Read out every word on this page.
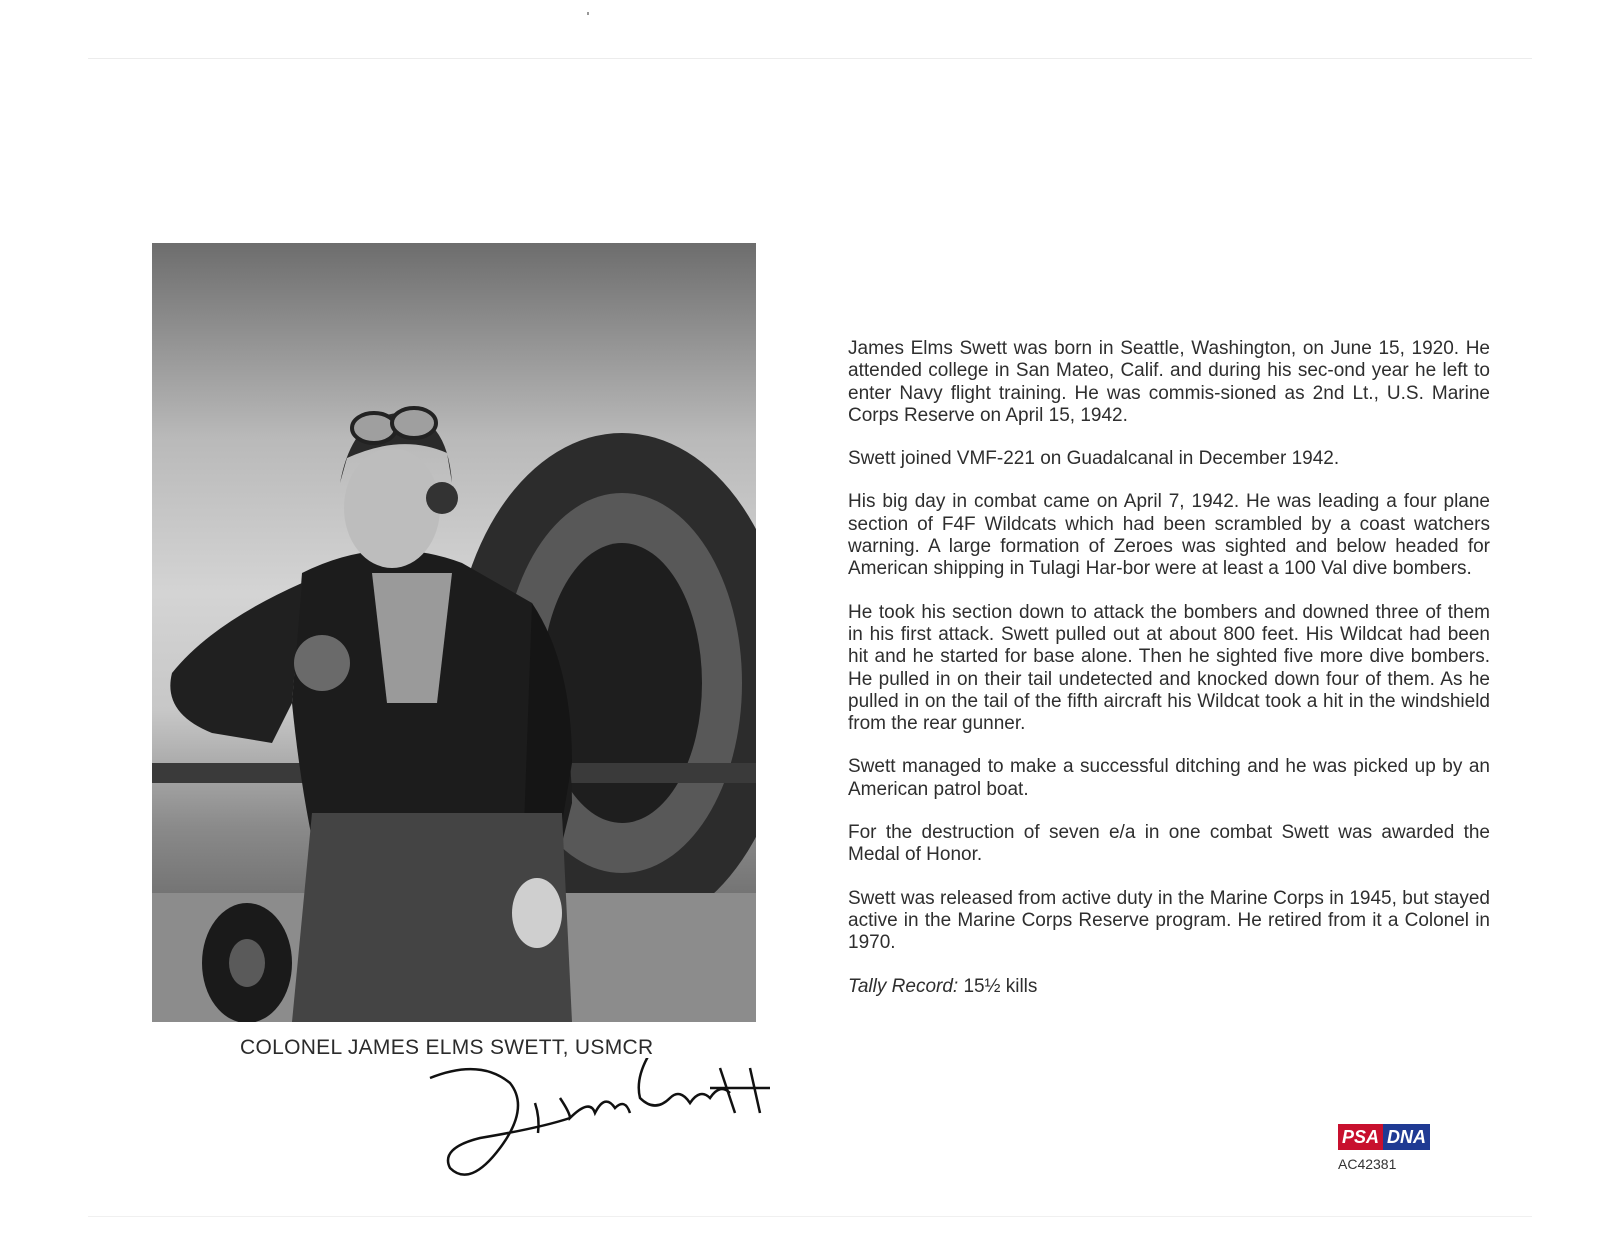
COLONEL JAMES ELMS SWETT, USMCR

James Elms Swett was born in Seattle, Washington, on June 15, 1920. He attended college in San Mateo, Calif. and during his sec-ond year he left to enter Navy flight training. He was commis-sioned as 2nd Lt., U.S. Marine Corps Reserve on April 15, 1942.

Swett joined VMF-221 on Guadalcanal in December 1942.

His big day in combat came on April 7, 1942. He was leading a four plane section of F4F Wildcats which had been scrambled by a coast watchers warning. A large formation of Zeroes was sighted and below headed for American shipping in Tulagi Har-bor were at least a 100 Val dive bombers.

He took his section down to attack the bombers and downed three of them in his first attack. Swett pulled out at about 800 feet. His Wildcat had been hit and he started for base alone. Then he sighted five more dive bombers. He pulled in on their tail undetected and knocked down four of them. As he pulled in on the tail of the fifth aircraft his Wildcat took a hit in the windshield from the rear gunner.

Swett managed to make a successful ditching and he was picked up by an American patrol boat.

For the destruction of seven e/a in one combat Swett was awarded the Medal of Honor.

Swett was released from active duty in the Marine Corps in 1945, but stayed active in the Marine Corps Reserve program. He retired from it a Colonel in 1970.

Tally Record: 15½ kills

PSA DNA
AC42381
